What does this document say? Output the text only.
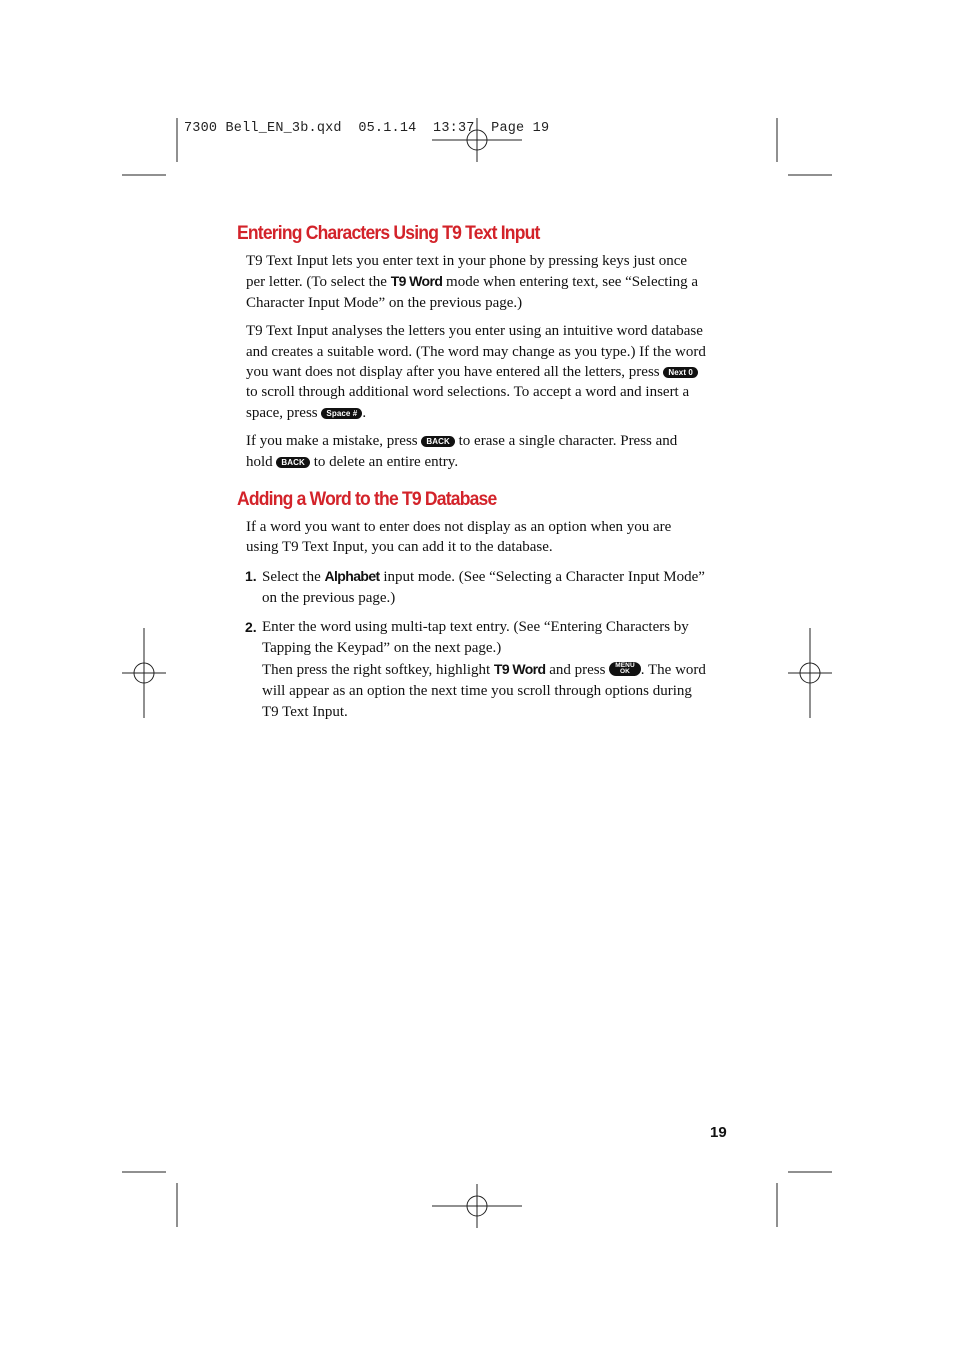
7300 Bell_EN_3b.qxd  05.1.14  13:37  Page 19
Entering Characters Using T9 Text Input

T9 Text Input lets you enter text in your phone by pressing keys just once per letter. (To select the T9 Word mode when entering text, see “Selecting a Character Input Mode” on the previous page.)

T9 Text Input analyses the letters you enter using an intuitive word database and creates a suitable word. (The word may change as you type.) If the word you want does not display after you have entered all the letters, press Next 0 to scroll through additional word selections. To accept a word and insert a space, press Space # .

If you make a mistake, press BACK to erase a single character. Press and hold BACK to delete an entire entry.

Adding a Word to the T9 Database

If a word you want to enter does not display as an option when you are using T9 Text Input, you can add it to the database.

1. Select the Alphabet input mode. (See “Selecting a Character Input Mode” on the previous page.)
2. Enter the word using multi-tap text entry. (See “Entering Characters by Tapping the Keypad” on the next page.)
Then press the right softkey, highlight T9 Word and press MENU
OK . The word will appear as an option the next time you scroll through options during T9 Text Input.
19
